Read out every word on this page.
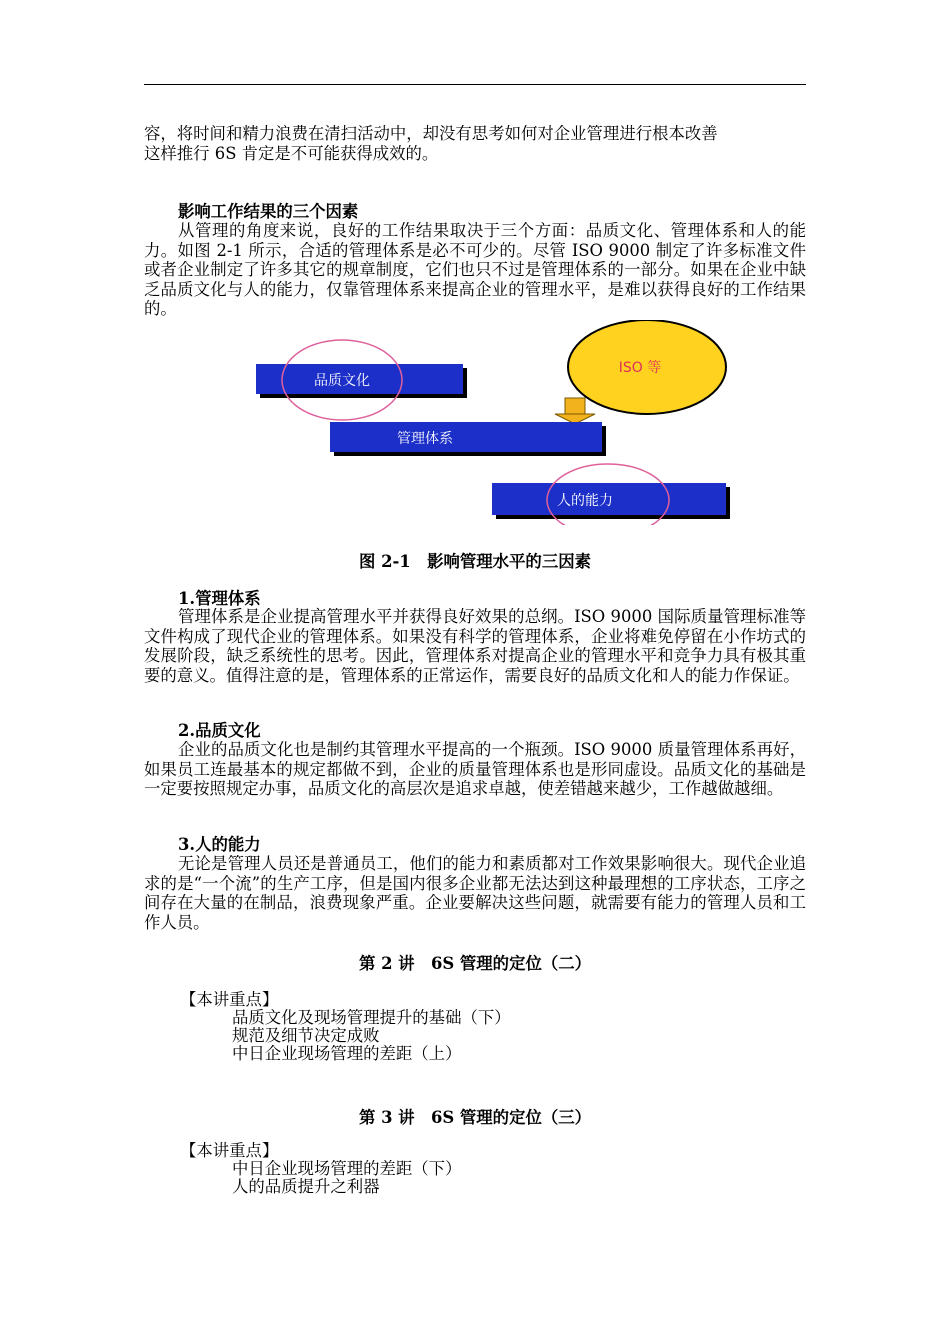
容，将时间和精力浪费在清扫活动中，却没有思考如何对企业管理进行根本改善
这样推行 6S 肯定是不可能获得成效的。
影响工作结果的三个因素
从管理的角度来说，良好的工作结果取决于三个方面：品质文化、管理体系和人的能力。如图 2-1 所示，合适的管理体系是必不可少的。尽管 ISO 9000 制定了许多标准文件或者企业制定了许多其它的规章制度，它们也只不过是管理体系的一部分。如果在企业中缺乏品质文化与人的能力，仅靠管理体系来提高企业的管理水平，是难以获得良好的工作结果的。
ISO 等
品质文化
管理体系
人的能力
图 2-1　影响管理水平的三因素
1.管理体系
管理体系是企业提高管理水平并获得良好效果的总纲。ISO 9000 国际质量管理标准等文件构成了现代企业的管理体系。如果没有科学的管理体系，企业将难免停留在小作坊式的发展阶段，缺乏系统性的思考。因此，管理体系对提高企业的管理水平和竞争力具有极其重要的意义。值得注意的是，管理体系的正常运作，需要良好的品质文化和人的能力作保证。
2.品质文化
企业的品质文化也是制约其管理水平提高的一个瓶颈。ISO 9000 质量管理体系再好，如果员工连最基本的规定都做不到，企业的质量管理体系也是形同虚设。品质文化的基础是一定要按照规定办事，品质文化的高层次是追求卓越，使差错越来越少，工作越做越细。
3.人的能力
无论是管理人员还是普通员工，他们的能力和素质都对工作效果影响很大。现代企业追求的是“一个流”的生产工序，但是国内很多企业都无法达到这种最理想的工序状态，工序之间存在大量的在制品，浪费现象严重。企业要解决这些问题，就需要有能力的管理人员和工作人员。
第 2 讲　6S 管理的定位（二）
【本讲重点】
品质文化及现场管理提升的基础（下）
规范及细节决定成败
中日企业现场管理的差距（上）
第 3 讲　6S 管理的定位（三）
【本讲重点】
中日企业现场管理的差距（下）
人的品质提升之利器
